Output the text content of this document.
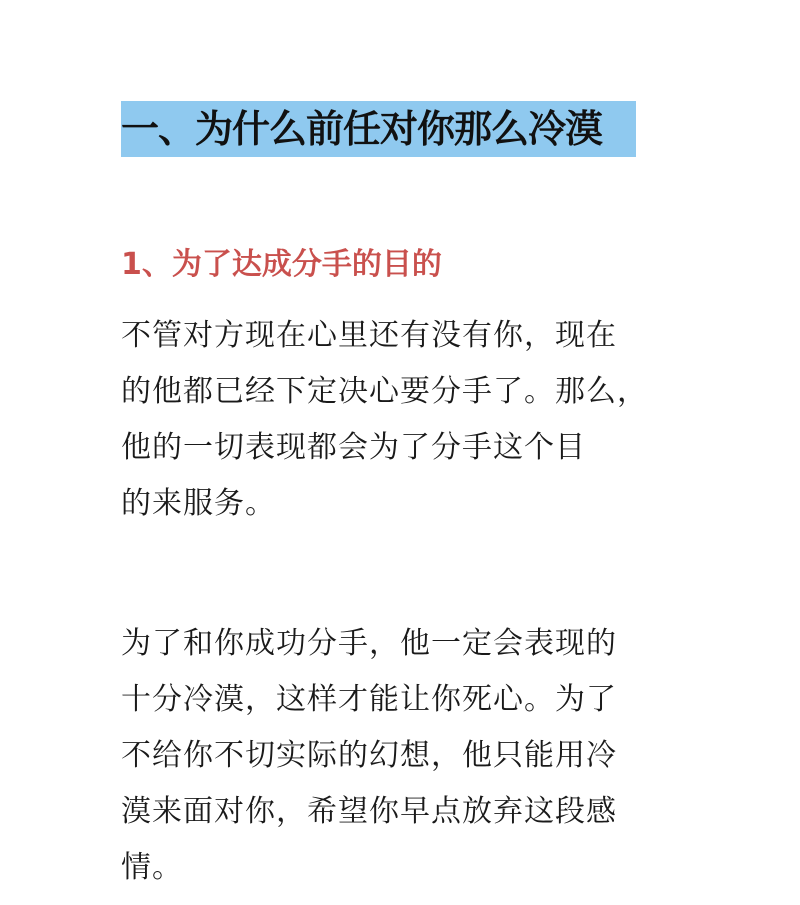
一、为什么前任对你那么冷漠
1、为了达成分手的目的

不管对方现在心里还有没有你，现在
的他都已经下定决心要分手了。那么，
他的一切表现都会为了分手这个目
的来服务。

为了和你成功分手，他一定会表现的
十分冷漠，这样才能让你死心。为了
不给你不切实际的幻想，他只能用冷
漠来面对你，希望你早点放弃这段感
情。
